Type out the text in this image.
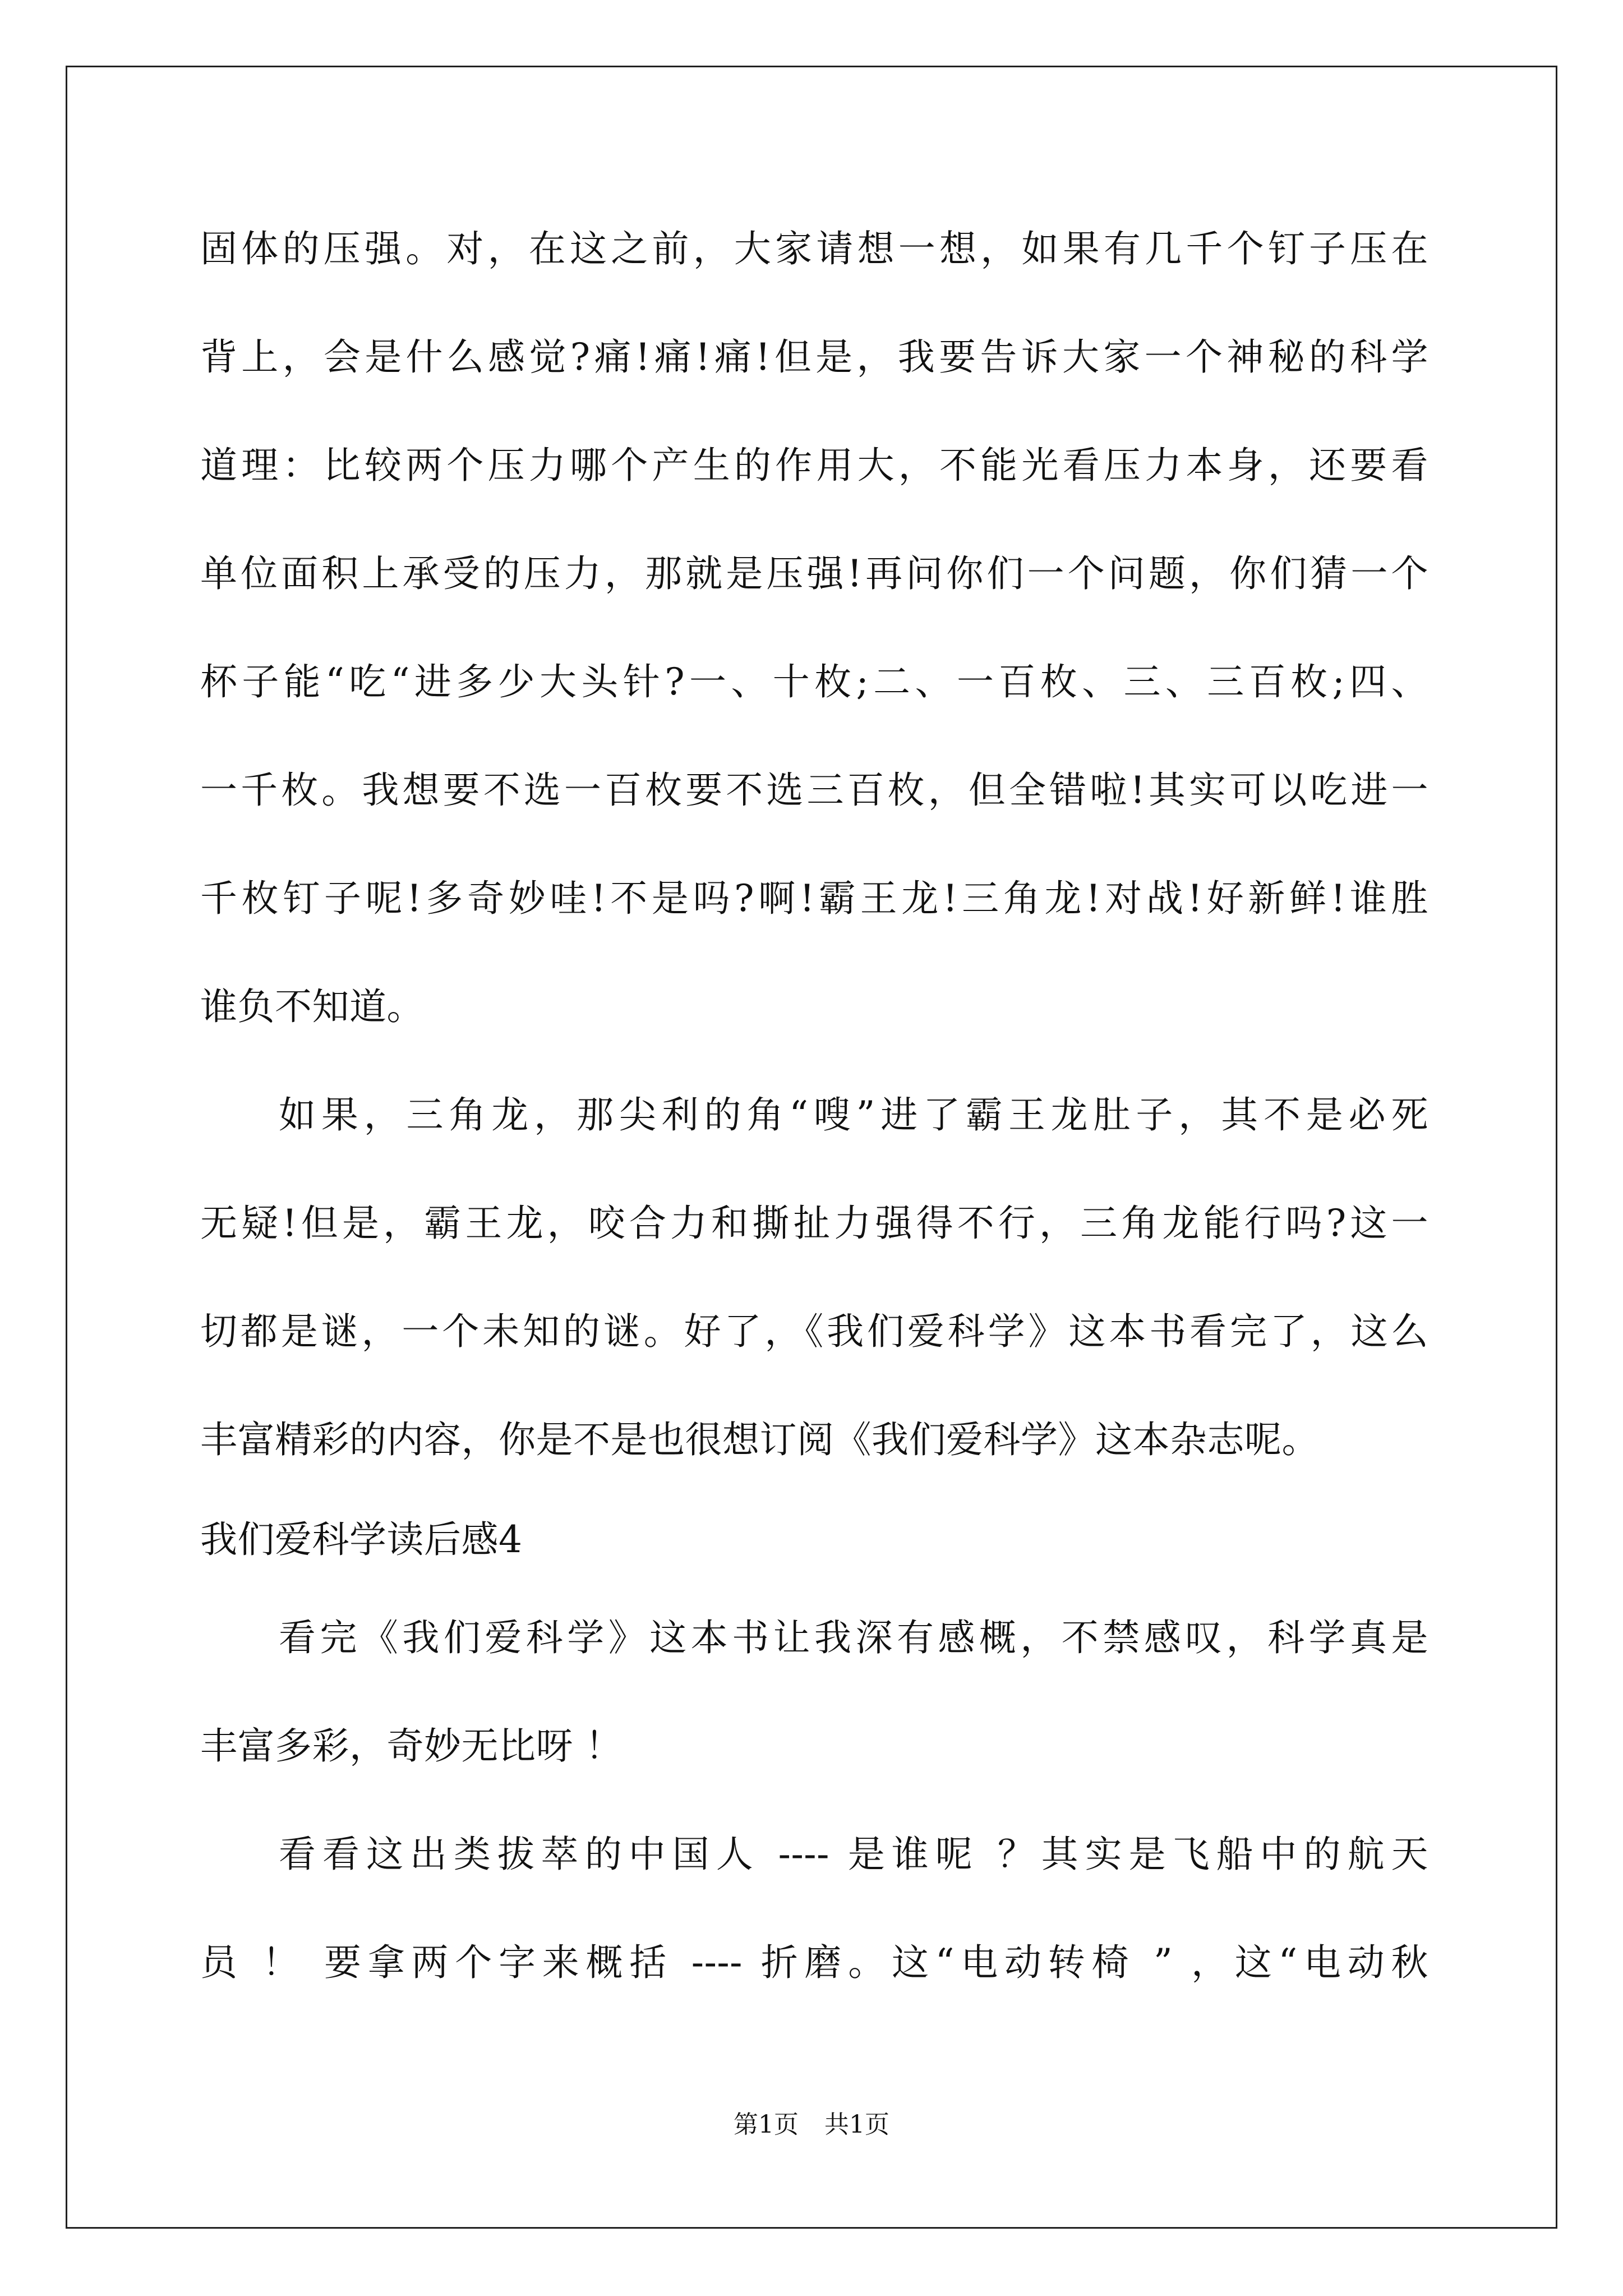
固体的压强。对，在这之前，大家请想一想，如果有几千个钉子压在
背上，会是什么感觉?痛!痛!痛!但是，我要告诉大家一个神秘的科学
道理：比较两个压力哪个产生的作用大，不能光看压力本身，还要看
单位面积上承受的压力，那就是压强!再问你们一个问题，你们猜一个
杯子能“吃“进多少大头针?一、十枚;二、一百枚、三、三百枚;四、
一千枚。我想要不选一百枚要不选三百枚，但全错啦!其实可以吃进一
千枚钉子呢!多奇妙哇!不是吗?啊!霸王龙!三角龙!对战!好新鲜!谁胜
谁负不知道。
如果，三角龙，那尖利的角“嗖”进了霸王龙肚子，其不是必死
无疑!但是，霸王龙，咬合力和撕扯力强得不行，三角龙能行吗?这一
切都是谜，一个未知的谜。好了，《我们爱科学》这本书看完了，这么
丰富精彩的内容，你是不是也很想订阅《我们爱科学》这本杂志呢。
我们爱科学读后感4
看完《我们爱科学》这本书让我深有感概，不禁感叹，科学真是
丰富多彩，奇妙无比呀 ！
看看这出类拔萃的中国人 ---- 是谁呢 ？其实是飞船中的航天
员 ！ 要拿两个字来概括 ---- 折磨。这“电动转椅 ” ，这“电动秋
第1页 共1页
